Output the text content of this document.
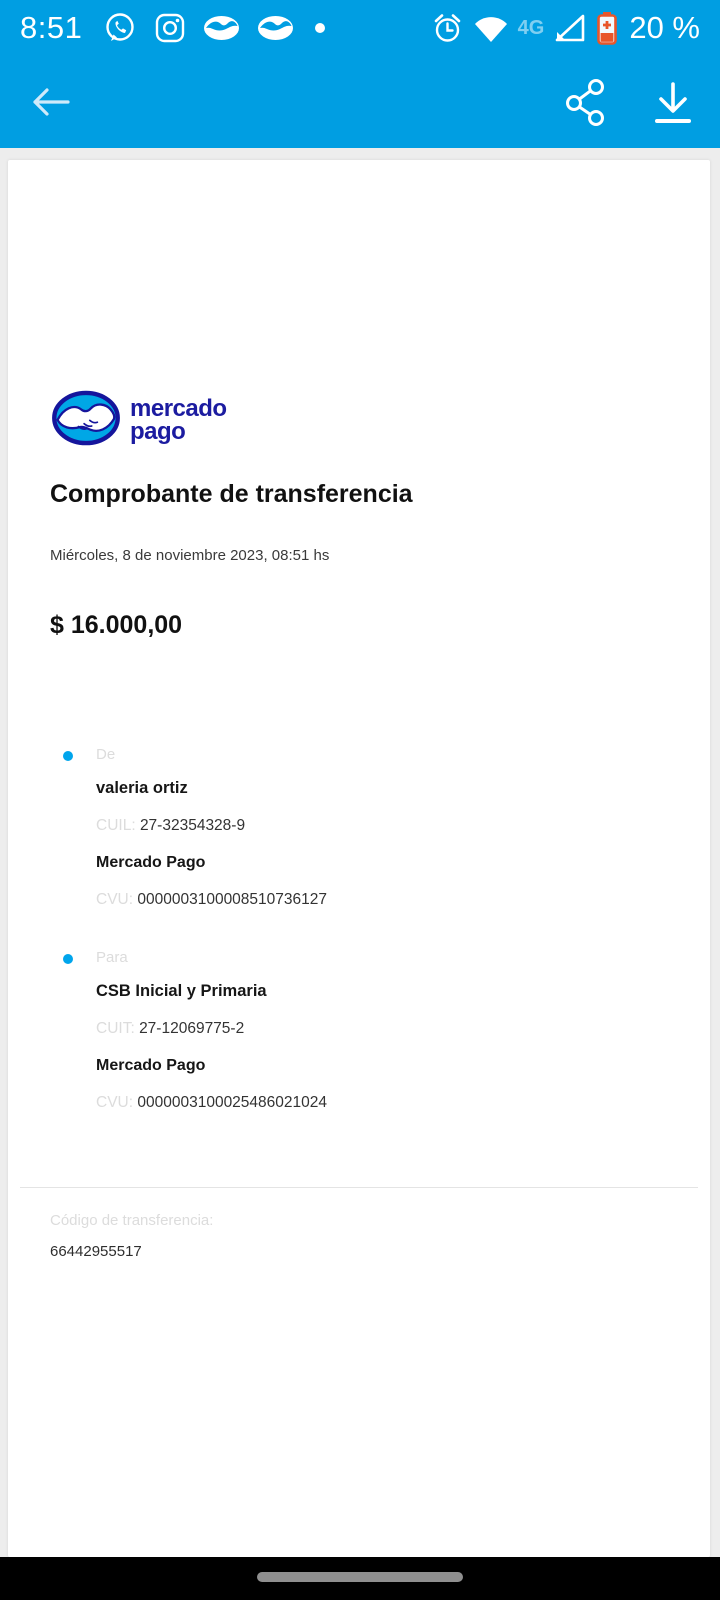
8:51	4G	20 %
mercado
pago
Comprobante de transferencia
Miércoles, 8 de noviembre 2023, 08:51 hs
$ 16.000,00
De
valeria ortiz
CUIL: 27-32354328-9
Mercado Pago
CVU: 0000003100008510736127
Para
CSB Inicial y Primaria
CUIT: 27-12069775-2
Mercado Pago
CVU: 0000003100025486021024
Código de transferencia:
66442955517
